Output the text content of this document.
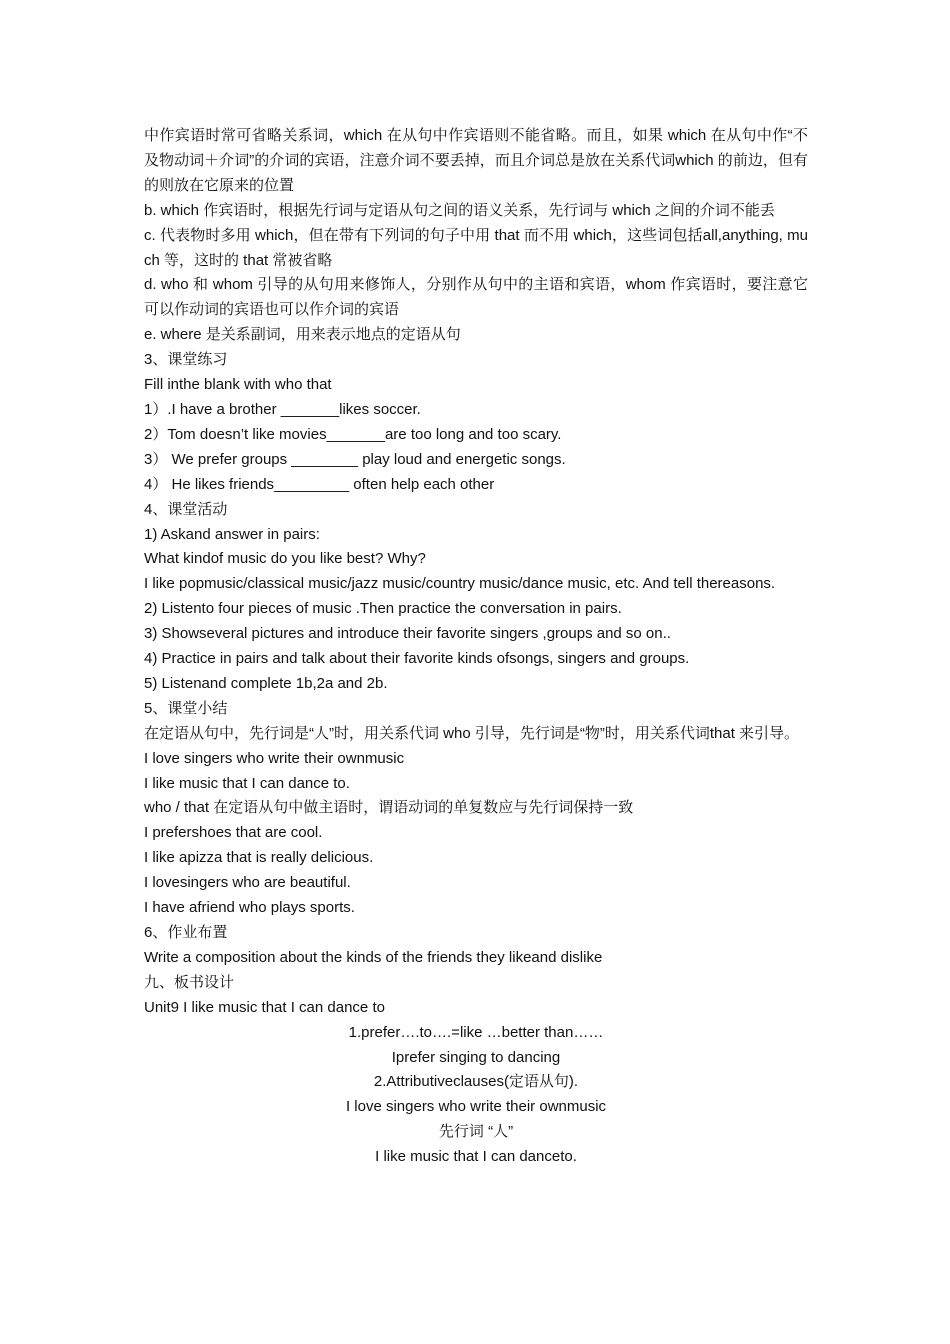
中作宾语时常可省略关系词，which 在从句中作宾语则不能省略。而且，如果 which 在从句中作“不及物动词＋介词”的介词的宾语，注意介词不要丢掉，而且介词总是放在关系代词which 的前边，但有的则放在它原来的位置

b. which 作宾语时，根据先行词与定语从句之间的语义关系，先行词与 which 之间的介词不能丢

c. 代表物时多用 which，但在带有下列词的句子中用 that 而不用 which，这些词包括all,anything, much 等，这时的 that 常被省略

d. who 和 whom 引导的从句用来修饰人，分别作从句中的主语和宾语，whom 作宾语时，要注意它可以作动词的宾语也可以作介词的宾语

e. where 是关系副词，用来表示地点的定语从句

3、课堂练习

Fill inthe blank with who that

1）.I have a brother _______likes soccer.

2）Tom doesn’t like movies_______are too long and too scary.

3） We prefer groups ________ play loud and energetic songs.

4） He likes friends_________ often help each other

4、课堂活动

1) Askand answer in pairs:

What kindof music do you like best? Why?

I like popmusic/classical music/jazz music/country music/dance music, etc. And tell thereasons.

2) Listento four pieces of music .Then practice the conversation in pairs.

3) Showseveral pictures and introduce their favorite singers ,groups and so on..

4) Practice in pairs and talk about their favorite kinds ofsongs, singers and groups.

5) Listenand complete 1b,2a and 2b.

5、课堂小结

在定语从句中，先行词是“人”时，用关系代词 who 引导，先行词是“物”时，用关系代词that 来引导。

I love singers who write their ownmusic

I like music that I can dance to.

who / that 在定语从句中做主语时，谓语动词的单复数应与先行词保持一致

I prefershoes that are cool.

I like apizza that is really delicious.

I lovesingers who are beautiful.

I have afriend who plays sports.

6、作业布置

Write a composition about the kinds of the friends they likeand dislike

九、板书设计

Unit9 I like music that I can dance to

1.prefer….to….=like …better than……

Iprefer singing to dancing

2.Attributiveclauses(定语从句).

I love singers who write their ownmusic

先行词 “人”

I like music that I can danceto.
